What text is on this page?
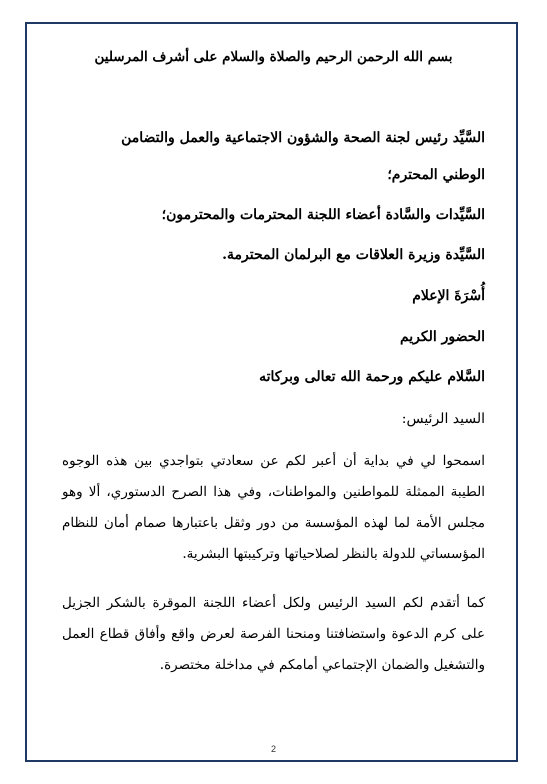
بسم الله الرحمن الرحيم والصلاة والسلام على أشرف المرسلين
السَّيِّد رئيس لجنة الصحة والشؤون الاجتماعية والعمل والتضامن
الوطني المحترم؛
السَّيِّدات والسَّادة أعضاء اللجنة المحترمات والمحترمون؛
السَّيِّدة وزيرة العلاقات مع البرلمان المحترمة.
أُسْرَةَ الإعلام
الحضور الكريم
السَّلام عليكم ورحمة الله تعالى وبركاته
السيد الرئيس:
اسمحوا لي في بداية أن أعبر لكم عن سعادتي بتواجدي بين هذه الوجوه الطيبة الممثلة للمواطنين والمواطنات، وفي هذا الصرح الدستوري، ألا وهو مجلس الأمة لما لهذه المؤسسة من دور وثقل باعتبارها صمام أمان للنظام المؤسساتي للدولة بالنظر لصلاحياتها وتركيبتها البشرية.
كما أتقدم لكم السيد الرئيس ولكل أعضاء اللجنة الموقرة بالشكر الجزيل على كرم الدعوة واستضافتنا ومنحنا الفرصة لعرض واقع وأفاق قطاع العمل والتشغيل والضمان الإجتماعي أمامكم في مداخلة مختصرة.
2
